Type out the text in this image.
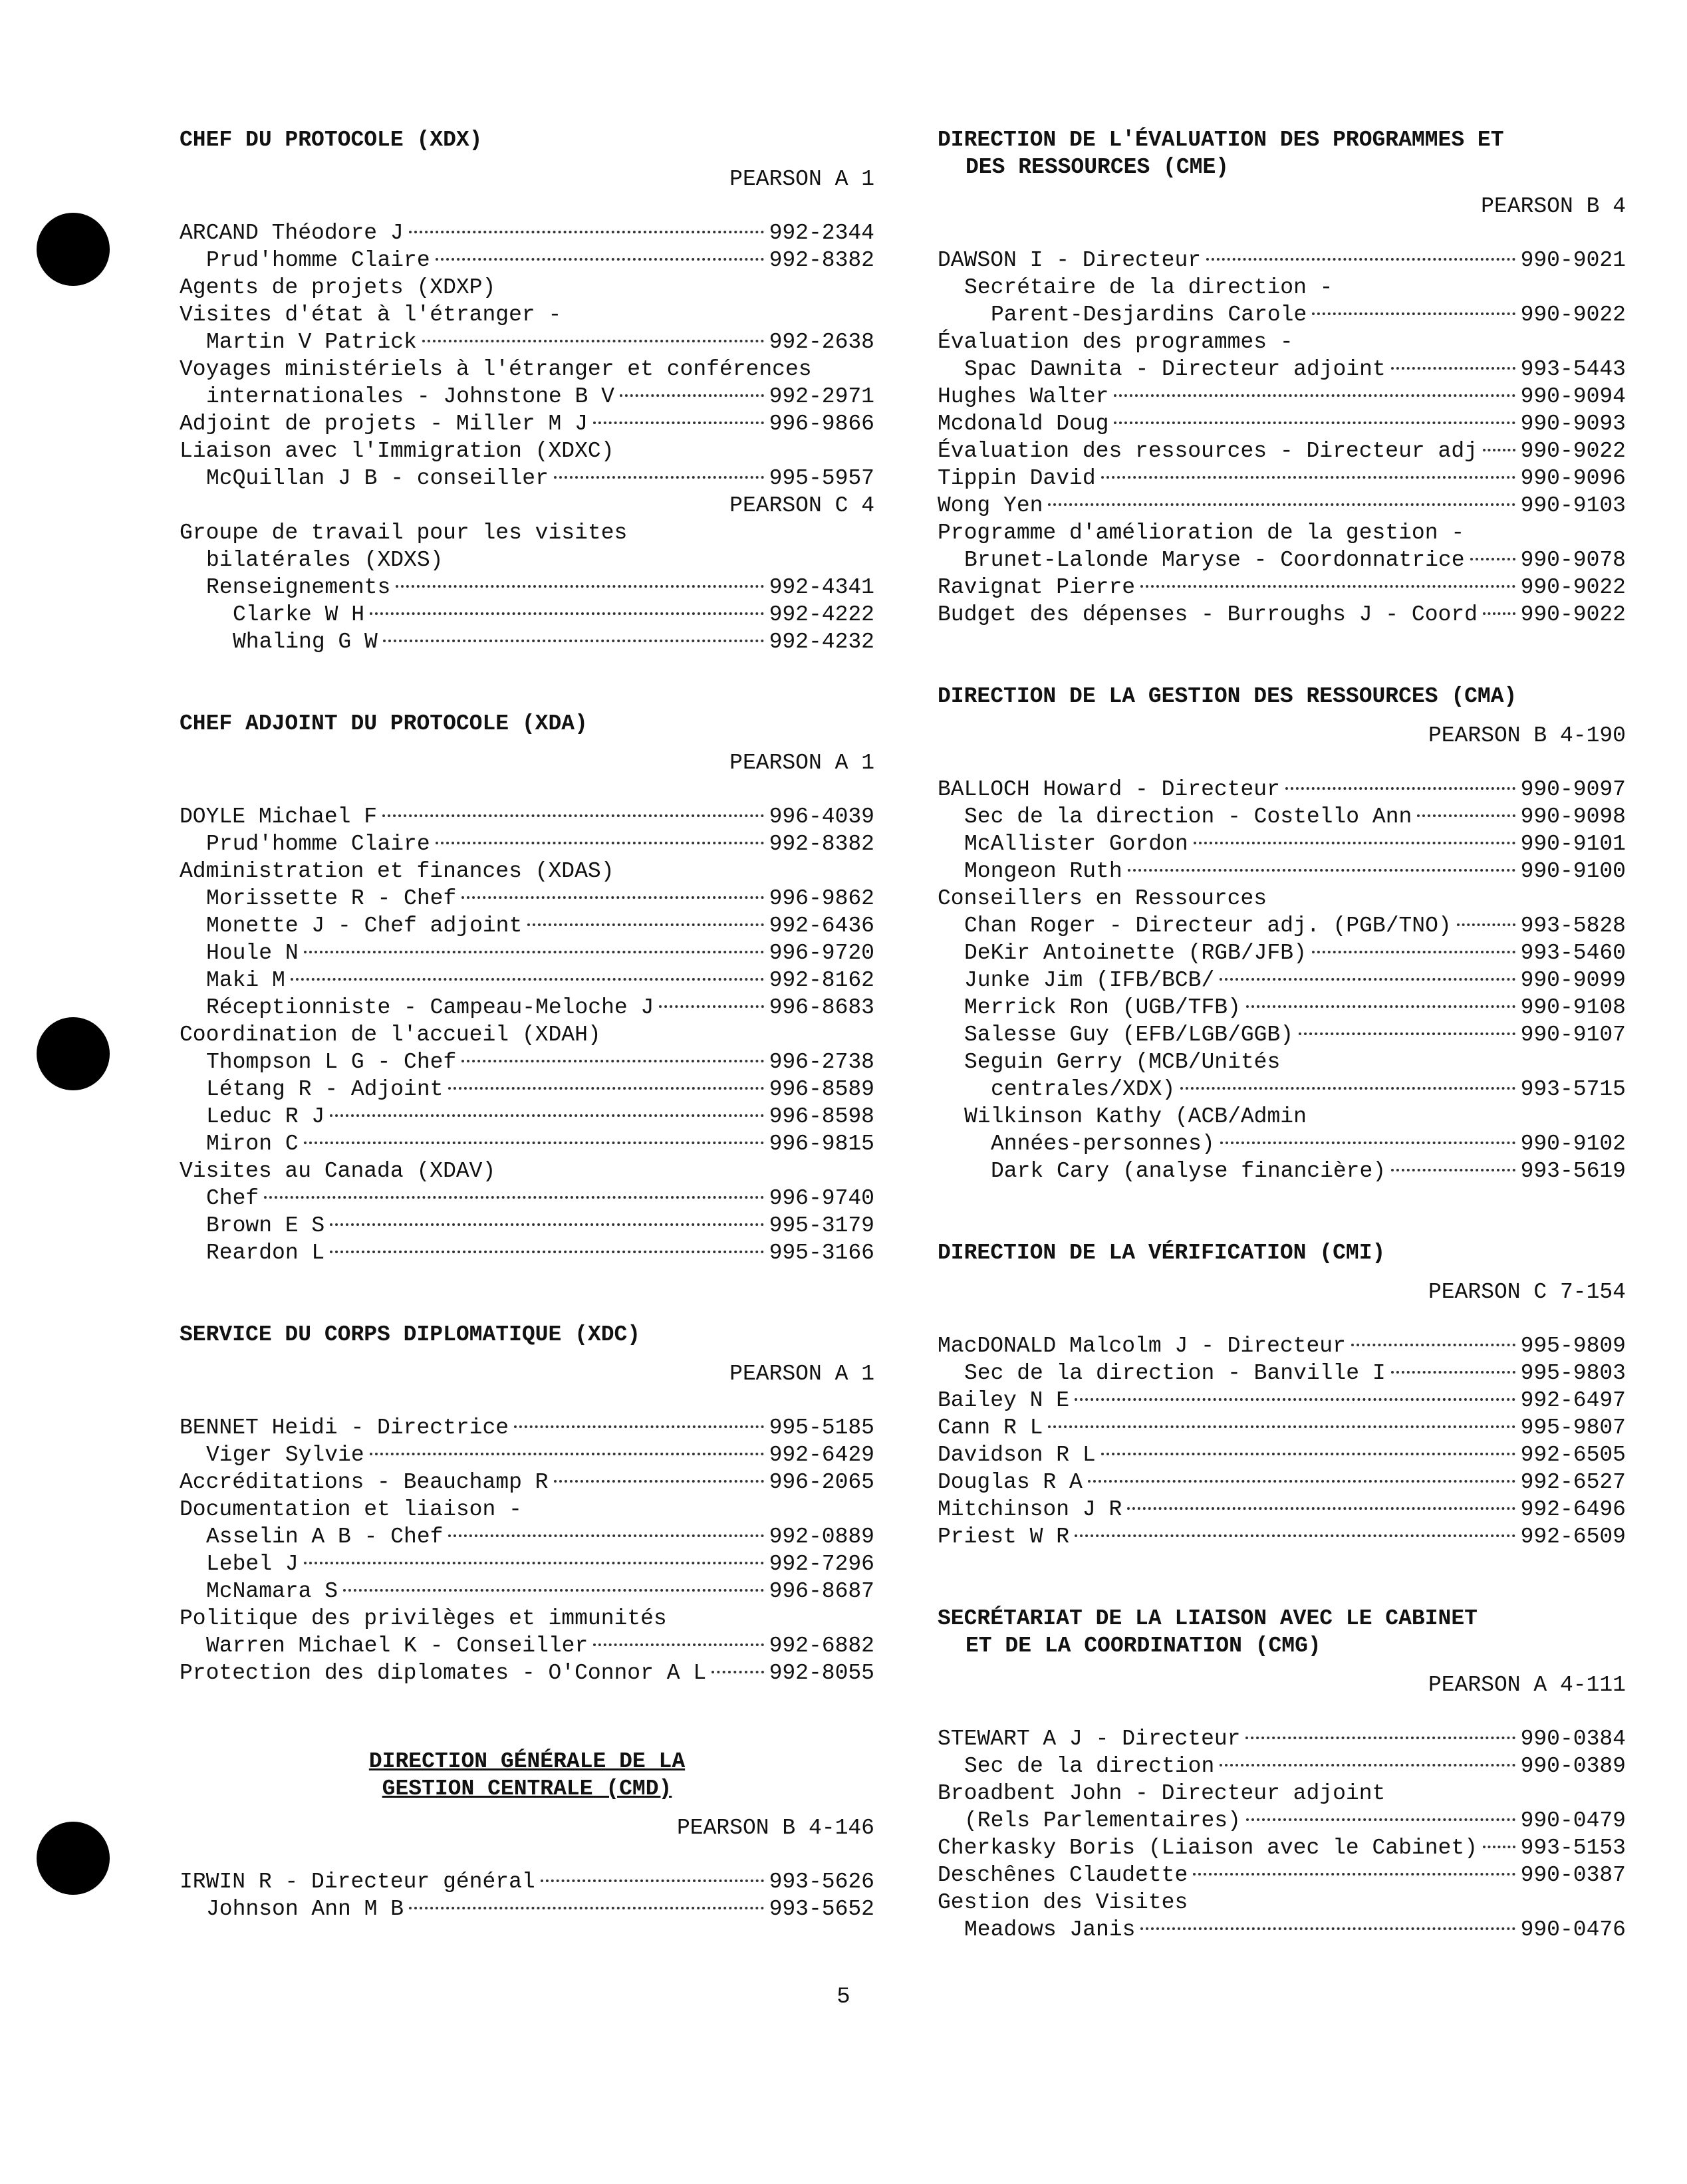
CHEF DU PROTOCOLE (XDX)
PEARSON A 1
ARCAND Théodore J	992-2344
Prud'homme Claire	992-8382
Agents de projets (XDXP)
Visites d'état à l'étranger -
Martin V Patrick	992-2638
Voyages ministériels à l'étranger et conférences
internationales - Johnstone B V	992-2971
Adjoint de projets - Miller M J	996-9866
Liaison avec l'Immigration (XDXC)
McQuillan J B - conseiller	995-5957
PEARSON C 4
Groupe de travail pour les visites
bilatérales (XDXS)
Renseignements	992-4341
Clarke W H	992-4222
Whaling G W	992-4232
CHEF ADJOINT DU PROTOCOLE (XDA)
PEARSON A 1
DOYLE Michael F	996-4039
Prud'homme Claire	992-8382
Administration et finances (XDAS)
Morissette R - Chef	996-9862
Monette J - Chef adjoint	992-6436
Houle N	996-9720
Maki M	992-8162
Réceptionniste - Campeau-Meloche J	996-8683
Coordination de l'accueil (XDAH)
Thompson L G - Chef	996-2738
Létang R - Adjoint	996-8589
Leduc R J	996-8598
Miron C	996-9815
Visites au Canada (XDAV)
Chef	996-9740
Brown E S	995-3179
Reardon L	995-3166
SERVICE DU CORPS DIPLOMATIQUE (XDC)
PEARSON A 1
BENNET Heidi - Directrice	995-5185
Viger Sylvie	992-6429
Accréditations - Beauchamp R	996-2065
Documentation et liaison -
Asselin A B - Chef	992-0889
Lebel J	992-7296
McNamara S	996-8687
Politique des privilèges et immunités
Warren Michael K - Conseiller	992-6882
Protection des diplomates - O'Connor A L	992-8055
DIRECTION GÉNÉRALE DE LA
GESTION CENTRALE (CMD)
PEARSON B 4-146
IRWIN R - Directeur général	993-5626
Johnson Ann M B	993-5652
DIRECTION DE L'ÉVALUATION DES PROGRAMMES ET
DES RESSOURCES (CME)
PEARSON B 4
DAWSON I - Directeur	990-9021
Secrétaire de la direction -
Parent-Desjardins Carole	990-9022
Évaluation des programmes -
Spac Dawnita - Directeur adjoint	993-5443
Hughes Walter	990-9094
Mcdonald Doug	990-9093
Évaluation des ressources - Directeur adj 990-9022
Tippin David	990-9096
Wong Yen	990-9103
Programme d'amélioration de la gestion -
Brunet-Lalonde Maryse - Coordonnatrice	990-9078
Ravignat Pierre	990-9022
Budget des dépenses - Burroughs J - Coord 990-9022
DIRECTION DE LA GESTION DES RESSOURCES (CMA)
PEARSON B 4-190
BALLOCH Howard - Directeur	990-9097
Sec de la direction - Costello Ann	990-9098
McAllister Gordon	990-9101
Mongeon Ruth	990-9100
Conseillers en Ressources
Chan Roger - Directeur adj. (PGB/TNO)	993-5828
DeKir Antoinette (RGB/JFB)	993-5460
Junke Jim (IFB/BCB/	990-9099
Merrick Ron (UGB/TFB)	990-9108
Salesse Guy (EFB/LGB/GGB)	990-9107
Seguin Gerry (MCB/Unités
centrales/XDX)	993-5715
Wilkinson Kathy (ACB/Admin
Années-personnes)	990-9102
Dark Cary (analyse financière)	993-5619
DIRECTION DE LA VÉRIFICATION (CMI)
PEARSON C 7-154
MacDONALD Malcolm J - Directeur	995-9809
Sec de la direction - Banville I	995-9803
Bailey N E	992-6497
Cann R L	995-9807
Davidson R L	992-6505
Douglas R A	992-6527
Mitchinson J R	992-6496
Priest W R	992-6509
SECRÉTARIAT DE LA LIAISON AVEC LE CABINET
ET DE LA COORDINATION (CMG)
PEARSON A 4-111
STEWART A J - Directeur	990-0384
Sec de la direction	990-0389
Broadbent John - Directeur adjoint
(Rels Parlementaires)	990-0479
Cherkasky Boris (Liaison avec le Cabinet) 993-5153
Deschênes Claudette	990-0387
Gestion des Visites
Meadows Janis	990-0476
5
